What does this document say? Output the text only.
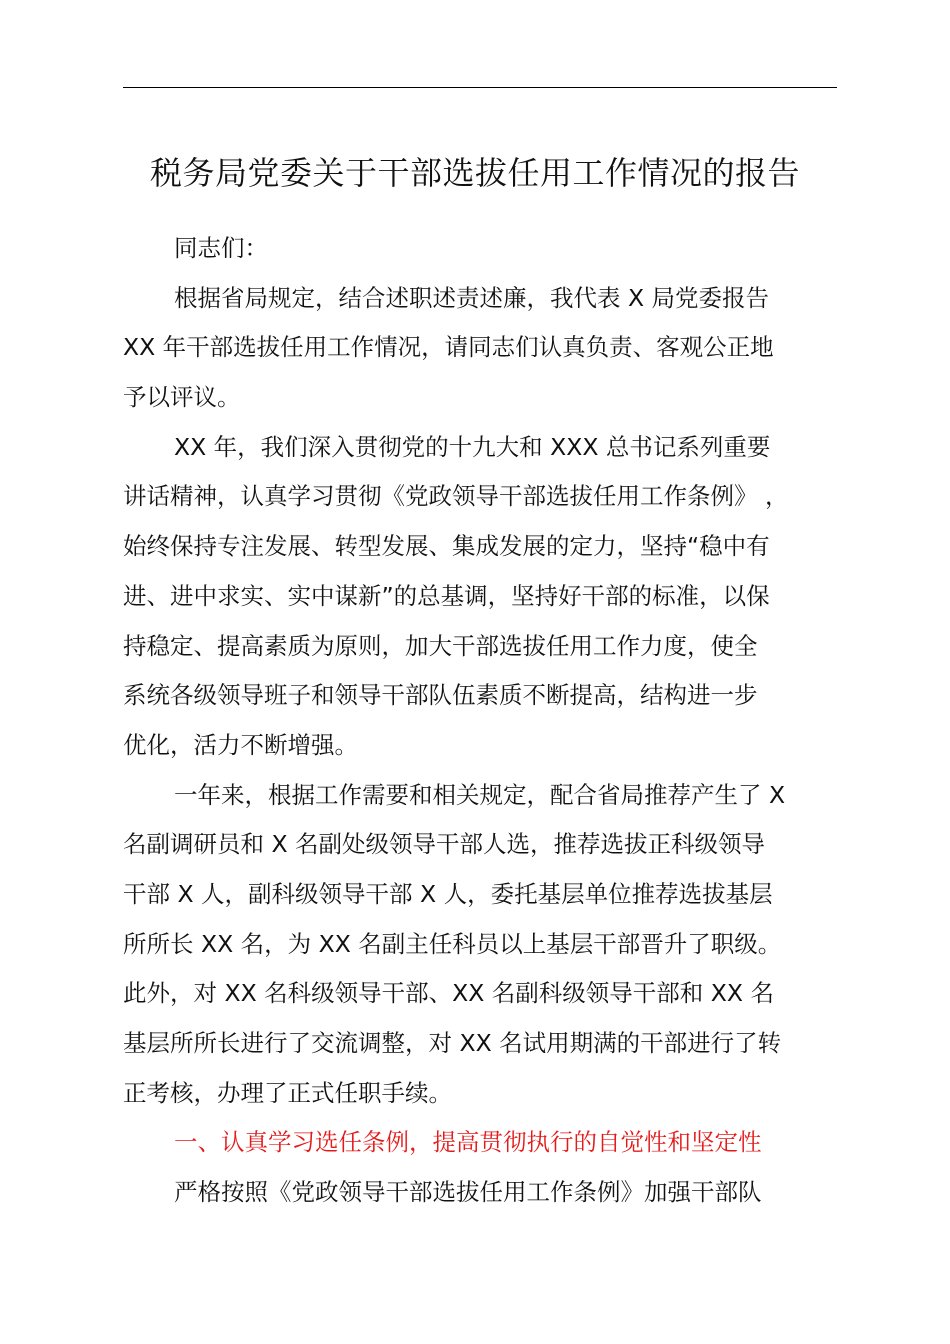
税务局党委关于干部选拔任用工作情况的报告
同志们：
根据省局规定，结合述职述责述廉，我代表 X 局党委报告
XX 年干部选拔任用工作情况，请同志们认真负责、客观公正地
予以评议。
XX 年，我们深入贯彻党的十九大和 XXX 总书记系列重要
讲话精神，认真学习贯彻《党政领导干部选拔任用工作条例》 ，
始终保持专注发展、转型发展、集成发展的定力，坚持“稳中有
进、进中求实、实中谋新”的总基调，坚持好干部的标准，以保
持稳定、提高素质为原则，加大干部选拔任用工作力度，使全
系统各级领导班子和领导干部队伍素质不断提高，结构进一步
优化，活力不断增强。
一年来，根据工作需要和相关规定，配合省局推荐产生了 X
名副调研员和 X 名副处级领导干部人选，推荐选拔正科级领导
干部 X 人，副科级领导干部 X 人，委托基层单位推荐选拔基层
所所长 XX 名，为 XX 名副主任科员以上基层干部晋升了职级。
此外，对 XX 名科级领导干部、XX 名副科级领导干部和 XX 名
基层所所长进行了交流调整，对 XX 名试用期满的干部进行了转
正考核，办理了正式任职手续。
一、认真学习选任条例，提高贯彻执行的自觉性和坚定性
严格按照《党政领导干部选拔任用工作条例》加强干部队
